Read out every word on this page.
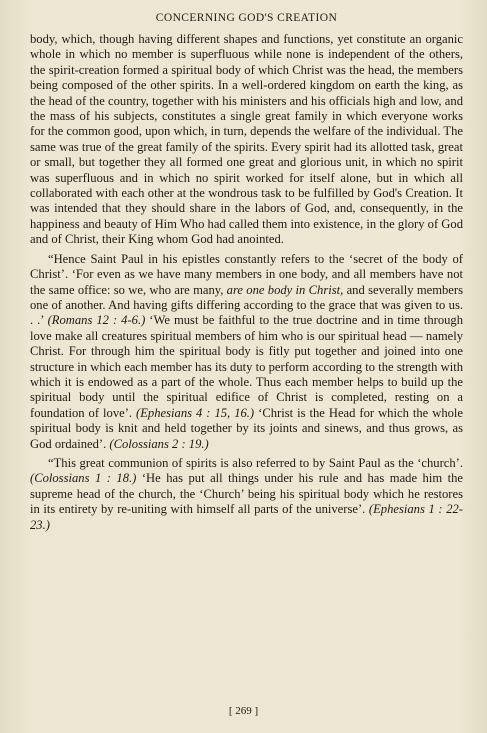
CONCERNING GOD'S CREATION

body, which, though having different shapes and functions, yet constitute an organic whole in which no member is superfluous while none is independent of the others, the spirit-creation formed a spiritual body of which Christ was the head, the members being composed of the other spirits. In a well-ordered kingdom on earth the king, as the head of the country, together with his ministers and his officials high and low, and the mass of his subjects, constitutes a single great family in which everyone works for the common good, upon which, in turn, depends the welfare of the individual. The same was true of the great family of the spirits. Every spirit had its allotted task, great or small, but together they all formed one great and glorious unit, in which no spirit was superfluous and in which no spirit worked for itself alone, but in which all collaborated with each other at the wondrous task to be fulfilled by God's Creation. It was intended that they should share in the labors of God, and, consequently, in the happiness and beauty of Him Who had called them into existence, in the glory of God and of Christ, their King whom God had anointed.

“Hence Saint Paul in his epistles constantly refers to the ‘secret of the body of Christ’. ‘For even as we have many members in one body, and all members have not the same office: so we, who are many, are one body in Christ, and severally members one of another. And having gifts differing according to the grace that was given to us. . .’ (Romans 12 : 4-6.) ‘We must be faithful to the true doctrine and in time through love make all creatures spiritual members of him who is our spiritual head — namely Christ. For through him the spiritual body is fitly put together and joined into one structure in which each member has its duty to perform according to the strength with which it is endowed as a part of the whole. Thus each member helps to build up the spiritual body until the spiritual edifice of Christ is completed, resting on a foundation of love’. (Ephesians 4 : 15, 16.) ‘Christ is the Head for which the whole spiritual body is knit and held together by its joints and sinews, and thus grows, as God ordained’. (Colossians 2 : 19.)

“This great communion of spirits is also referred to by Saint Paul as the ‘church’. (Colossians 1 : 18.) ‘He has put all things under his rule and has made him the supreme head of the church, the ‘Church’ being his spiritual body which he restores in its entirety by re-uniting with himself all parts of the universe’. (Ephesians 1 : 22-23.)

[ 269 ]
